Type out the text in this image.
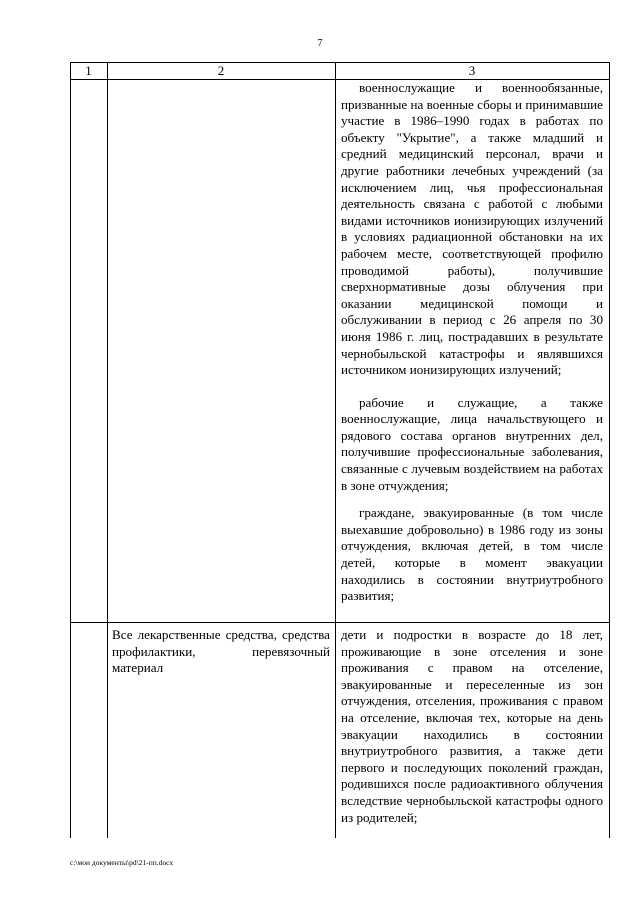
7
1	2	3

военнослужащие и военнообязанные, призванные на военные сборы и принимавшие участие в 1986–1990 годах в работах по объекту "Укрытие", а также младший и средний медицинский персонал, врачи и другие работники лечебных учреждений (за исключением лиц, чья профессиональная деятельность связана с работой с любыми видами источников ионизирующих излучений в условиях радиационной обстановки на их рабочем месте, соответствующей профилю проводимой работы), получившие сверхнормативные дозы облучения при оказании медицинской помощи и обслуживании в период с 26 апреля по 30 июня 1986 г. лиц, пострадавших в результате чернобыльской катастрофы и являвшихся источником ионизирующих излучений;

рабочие и служащие, а также военнослужащие, лица начальствующего и рядового состава органов внутренних дел, получившие профессиональные заболевания, связанные с лучевым воздействием на работах в зоне отчуждения;

граждане, эвакуированные (в том числе выехавшие добровольно) в 1986 году из зоны отчуждения, включая детей, в том числе детей, которые в момент эвакуации находились в состоянии внутриутробного развития;

Все лекарственные средства, средства профилактики, перевязочный материал

дети и подростки в возрасте до 18 лет, проживающие в зоне отселения и зоне проживания с правом на отселение, эвакуированные и переселенные из зон отчуждения, отселения, проживания с правом на отселение, включая тех, которые на день эвакуации находились в состоянии внутриутробного развития, а также дети первого и последующих поколений граждан, родившихся после радиоактивного облучения вследствие чернобыльской катастрофы одного из родителей;

c:\мои документы\pd\21-пп.docx
